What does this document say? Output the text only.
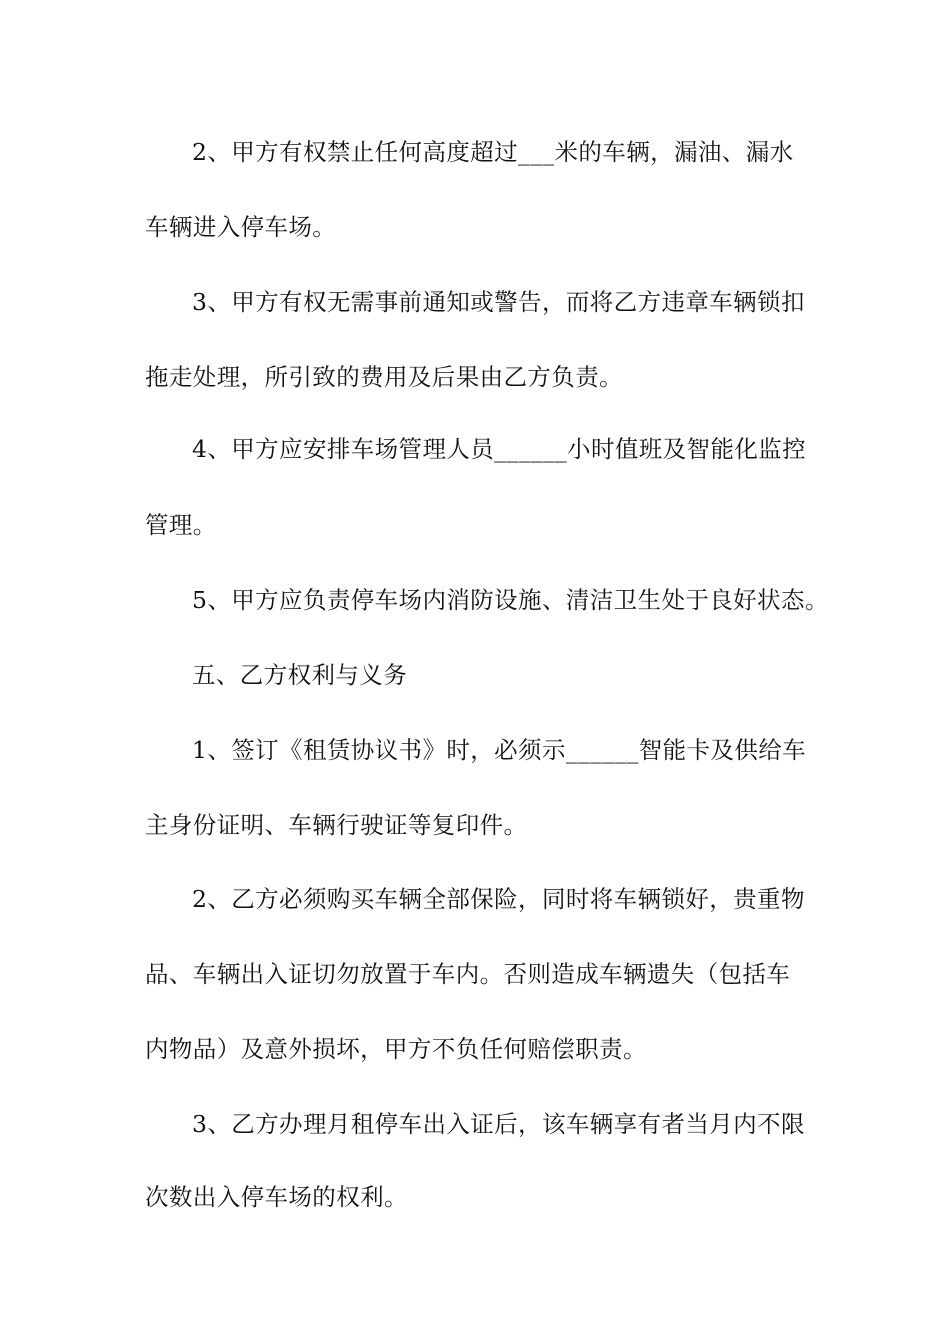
2、甲方有权禁止任何高度超过___米的车辆，漏油、漏水
车辆进入停车场。
3、甲方有权无需事前通知或警告，而将乙方违章车辆锁扣
拖走处理，所引致的费用及后果由乙方负责。
4、甲方应安排车场管理人员______小时值班及智能化监控
管理。
5、甲方应负责停车场内消防设施、清洁卫生处于良好状态。
五、乙方权利与义务
1、签订《租赁协议书》时，必须示______智能卡及供给车
主身份证明、车辆行驶证等复印件。
2、乙方必须购买车辆全部保险，同时将车辆锁好，贵重物
品、车辆出入证切勿放置于车内。否则造成车辆遗失（包括车
内物品）及意外损坏，甲方不负任何赔偿职责。
3、乙方办理月租停车出入证后，该车辆享有者当月内不限
次数出入停车场的权利。
